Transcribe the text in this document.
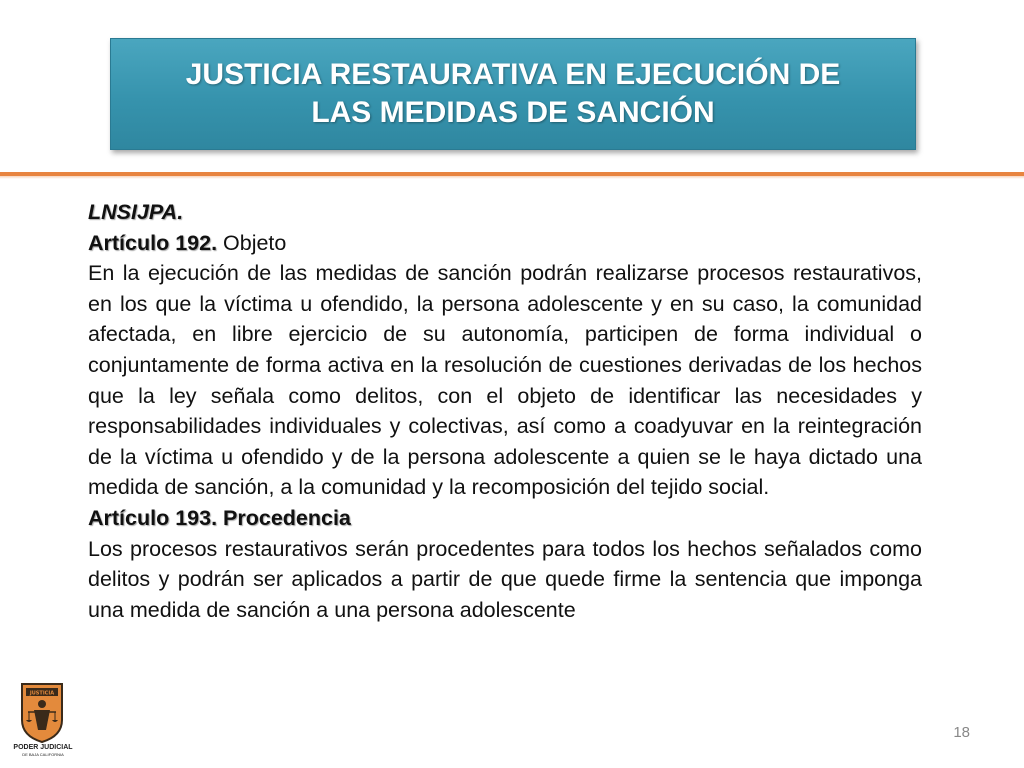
JUSTICIA RESTAURATIVA EN EJECUCIÓN DE
LAS MEDIDAS DE SANCIÓN

LNSIJPA.

Artículo 192. Objeto

En la ejecución de las medidas de sanción podrán realizarse procesos restaurativos, en los que la víctima u ofendido, la persona adolescente y en su caso, la comunidad afectada, en libre ejercicio de su autonomía, participen de forma individual o conjuntamente de forma activa en la resolución de cuestiones derivadas de los hechos que la ley señala como delitos, con el objeto de identificar las necesidades y responsabilidades individuales y colectivas, así como a coadyuvar en la reintegración de la víctima u ofendido y de la persona adolescente a quien se le haya dictado una medida de sanción, a la comunidad y la recomposición del tejido social.

Artículo 193. Procedencia

Los procesos restaurativos serán procedentes para todos los hechos señalados como delitos y podrán ser aplicados a partir de que quede firme la sentencia que imponga una medida de sanción a una persona adolescente

18
JUSTICIA
PODER JUDICIAL
DE BAJA CALIFORNIA
